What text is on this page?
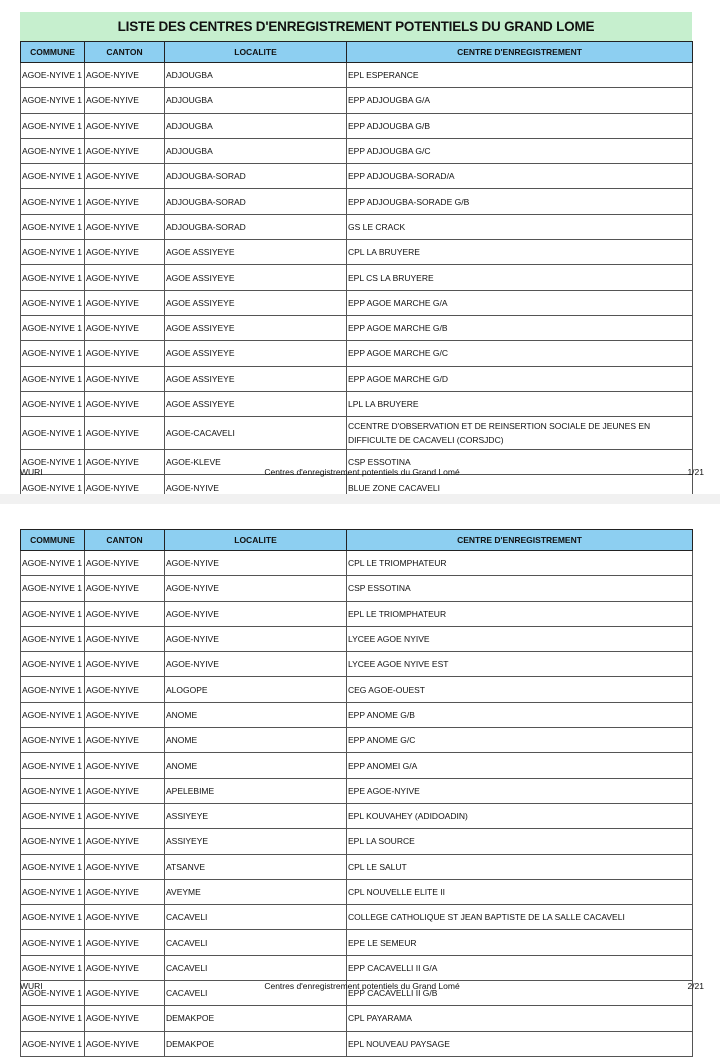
LISTE DES CENTRES D'ENREGISTREMENT POTENTIELS DU GRAND LOME
COMMUNE	CANTON	LOCALITE	CENTRE D'ENREGISTREMENT
AGOE-NYIVE 1	AGOE-NYIVE	ADJOUGBA	EPL ESPERANCE
AGOE-NYIVE 1	AGOE-NYIVE	ADJOUGBA	EPP ADJOUGBA G/A
AGOE-NYIVE 1	AGOE-NYIVE	ADJOUGBA	EPP ADJOUGBA G/B
AGOE-NYIVE 1	AGOE-NYIVE	ADJOUGBA	EPP ADJOUGBA G/C
AGOE-NYIVE 1	AGOE-NYIVE	ADJOUGBA-SORAD	EPP ADJOUGBA-SORAD/A
AGOE-NYIVE 1	AGOE-NYIVE	ADJOUGBA-SORAD	EPP ADJOUGBA-SORADE G/B
AGOE-NYIVE 1	AGOE-NYIVE	ADJOUGBA-SORAD	GS LE CRACK
AGOE-NYIVE 1	AGOE-NYIVE	AGOE ASSIYEYE	CPL LA BRUYERE
AGOE-NYIVE 1	AGOE-NYIVE	AGOE ASSIYEYE	EPL CS LA BRUYERE
AGOE-NYIVE 1	AGOE-NYIVE	AGOE ASSIYEYE	EPP AGOE MARCHE G/A
AGOE-NYIVE 1	AGOE-NYIVE	AGOE ASSIYEYE	EPP AGOE MARCHE G/B
AGOE-NYIVE 1	AGOE-NYIVE	AGOE ASSIYEYE	EPP AGOE MARCHE G/C
AGOE-NYIVE 1	AGOE-NYIVE	AGOE ASSIYEYE	EPP AGOE MARCHE G/D
AGOE-NYIVE 1	AGOE-NYIVE	AGOE ASSIYEYE	LPL LA BRUYERE
AGOE-NYIVE 1	AGOE-NYIVE	AGOE-CACAVELI	CCENTRE D'OBSERVATION ET DE REINSERTION SOCIALE DE JEUNES EN DIFFICULTE DE CACAVELI (CORSJDC)
AGOE-NYIVE 1	AGOE-NYIVE	AGOE-KLEVE	CSP ESSOTINA
AGOE-NYIVE 1	AGOE-NYIVE	AGOE-NYIVE	BLUE ZONE CACAVELI

WURI	Centres d'enregistrement potentiels du Grand Lomé	1/21
COMMUNE	CANTON	LOCALITE	CENTRE D'ENREGISTREMENT
AGOE-NYIVE 1	AGOE-NYIVE	AGOE-NYIVE	CPL LE TRIOMPHATEUR
AGOE-NYIVE 1	AGOE-NYIVE	AGOE-NYIVE	CSP ESSOTINA
AGOE-NYIVE 1	AGOE-NYIVE	AGOE-NYIVE	EPL LE TRIOMPHATEUR
AGOE-NYIVE 1	AGOE-NYIVE	AGOE-NYIVE	LYCEE AGOE NYIVE
AGOE-NYIVE 1	AGOE-NYIVE	AGOE-NYIVE	LYCEE AGOE NYIVE EST
AGOE-NYIVE 1	AGOE-NYIVE	ALOGOPE	CEG AGOE-OUEST
AGOE-NYIVE 1	AGOE-NYIVE	ANOME	EPP ANOME G/B
AGOE-NYIVE 1	AGOE-NYIVE	ANOME	EPP ANOME G/C
AGOE-NYIVE 1	AGOE-NYIVE	ANOME	EPP ANOMEI G/A
AGOE-NYIVE 1	AGOE-NYIVE	APELEBIME	EPE AGOE-NYIVE
AGOE-NYIVE 1	AGOE-NYIVE	ASSIYEYE	EPL KOUVAHEY (ADIDOADIN)
AGOE-NYIVE 1	AGOE-NYIVE	ASSIYEYE	EPL LA SOURCE
AGOE-NYIVE 1	AGOE-NYIVE	ATSANVE	CPL LE SALUT
AGOE-NYIVE 1	AGOE-NYIVE	AVEYME	CPL NOUVELLE ELITE II
AGOE-NYIVE 1	AGOE-NYIVE	CACAVELI	COLLEGE CATHOLIQUE ST JEAN BAPTISTE DE LA SALLE CACAVELI
AGOE-NYIVE 1	AGOE-NYIVE	CACAVELI	EPE LE SEMEUR
AGOE-NYIVE 1	AGOE-NYIVE	CACAVELI	EPP CACAVELLI II G/A
AGOE-NYIVE 1	AGOE-NYIVE	CACAVELI	EPP CACAVELLI II G/B
AGOE-NYIVE 1	AGOE-NYIVE	DEMAKPOE	CPL PAYARAMA
AGOE-NYIVE 1	AGOE-NYIVE	DEMAKPOE	EPL NOUVEAU PAYSAGE
WURI	Centres d'enregistrement potentiels du Grand Lomé	2/21
